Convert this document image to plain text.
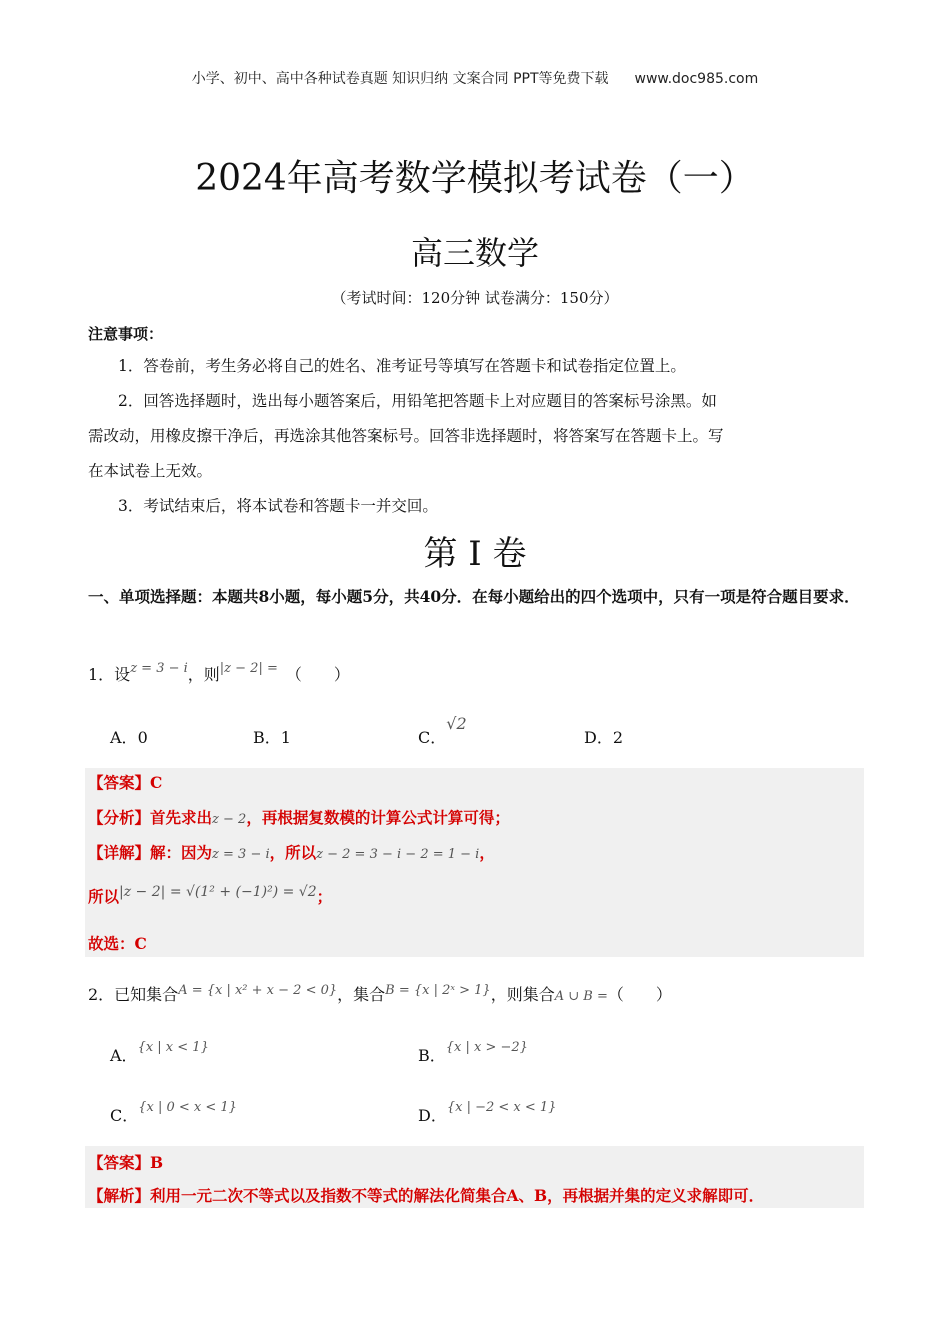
小学、初中、高中各种试卷真题 知识归纳 文案合同 PPT等免费下载 www.doc985.com
2024年高考数学模拟考试卷（一）
高三数学
（考试时间：120分钟 试卷满分：150分）
注意事项：
1．答卷前，考生务必将自己的姓名、准考证号等填写在答题卡和试卷指定位置上。
2．回答选择题时，选出每小题答案后，用铅笔把答题卡上对应题目的答案标号涂黑。如
需改动，用橡皮擦干净后，再选涂其他答案标号。回答非选择题时，将答案写在答题卡上。写
在本试卷上无效。
3．考试结束后，将本试卷和答题卡一并交回。
第 I 卷
一、单项选择题：本题共8小题，每小题5分，共40分．在每小题给出的四个选项中，只有一项是符合题目要求．
1．设$^{z = 3 - i}$，则$^{|z - 2| =}$ （　　）
A．0	B．1	C．√2
D．2
【答案】C
【分析】首先求出z − 2，再根据复数模的计算公式计算可得；
【详解】解：因为z = 3 − i，所以z − 2 = 3 − i − 2 = 1 − i，
所以|z − 2| = √(1² + (−1)²) = √2；
故选：C
2．已知集合$^{A = \{x | x^2 + x - 2 < 0\}}$，集合$^{B = \{x | 2ˣ > 1\}}$，则集合A ∪ B =（　　）
A．$^{\{x | x < 1\}}$	B．$^{\{x | x > -2\}}$
C．$^{\{x | 0 < x < 1\}}$	D．$^{\{x | -2 < x < 1\}}$
【答案】B
【解析】利用一元二次不等式以及指数不等式的解法化简集合A、B，再根据并集的定义求解即可．
